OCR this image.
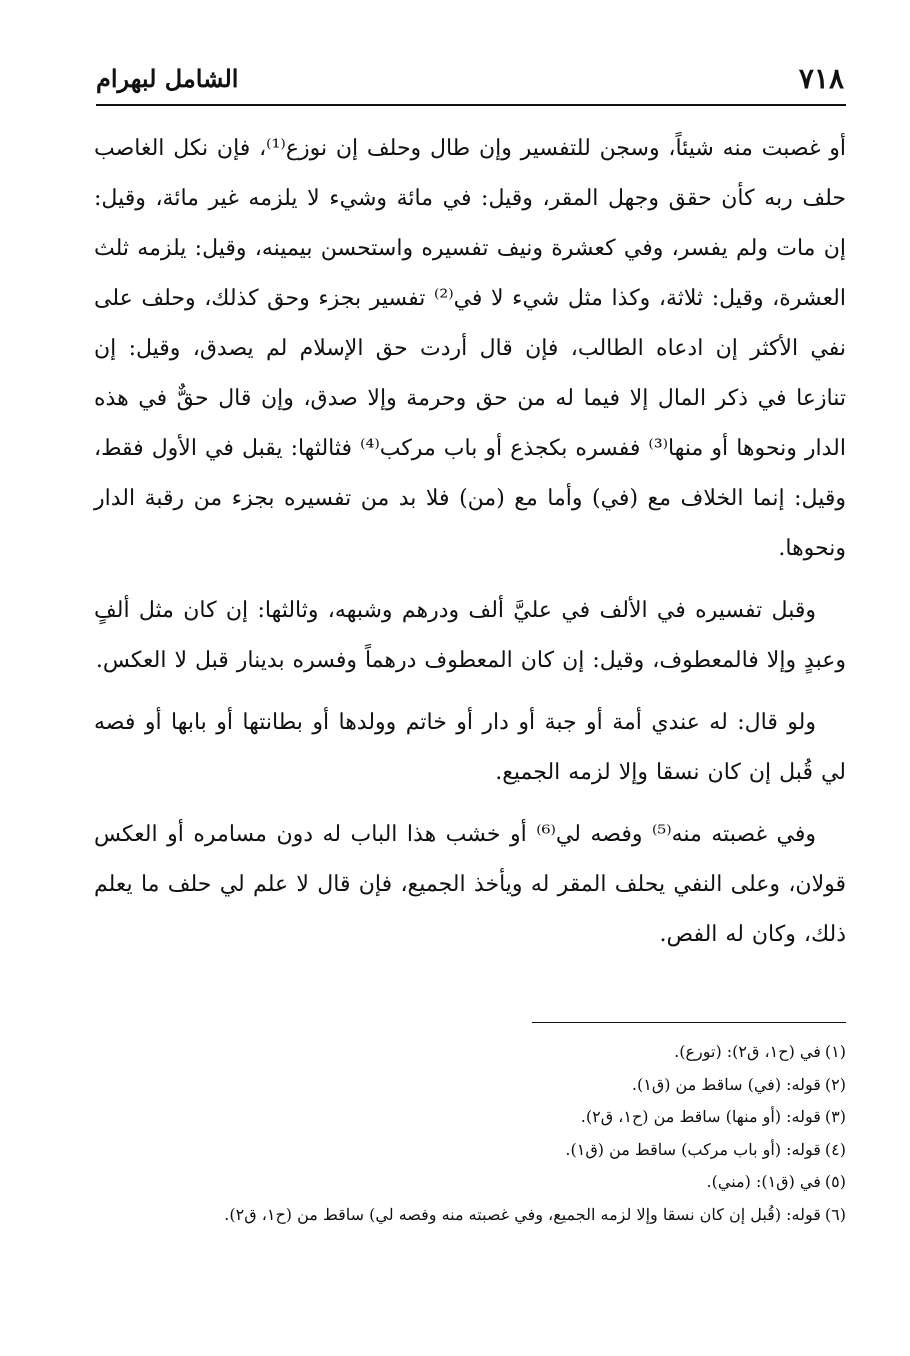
٧١٨
الشامل لبهرام

أو غصبت منه شيئاً، وسجن للتفسير وإن طال وحلف إن نوزع⁽¹⁾، فإن نكل الغاصب حلف ربه كأن حقق وجهل المقر، وقيل: في مائة وشيء لا يلزمه غير مائة، وقيل: إن مات ولم يفسر، وفي كعشرة ونيف تفسيره واستحسن بيمينه، وقيل: يلزمه ثلث العشرة، وقيل: ثلاثة، وكذا مثل شيء لا في⁽²⁾ تفسير بجزء وحق كذلك، وحلف على نفي الأكثر إن ادعاه الطالب، فإن قال أردت حق الإسلام لم يصدق، وقيل: إن تنازعا في ذكر المال إلا فيما له من حق وحرمة وإلا صدق، وإن قال حقٌّ في هذه الدار ونحوها أو منها⁽³⁾ ففسره بكجذع أو باب مركب⁽⁴⁾ فثالثها: يقبل في الأول فقط، وقيل: إنما الخلاف مع (في) وأما مع (من) فلا بد من تفسيره بجزء من رقبة الدار ونحوها.

وقبل تفسيره في الألف في عليَّ ألف ودرهم وشبهه، وثالثها: إن كان مثل ألفٍ وعبدٍ وإلا فالمعطوف، وقيل: إن كان المعطوف درهماً وفسره بدينار قبل لا العكس.

ولو قال: له عندي أمة أو جبة أو دار أو خاتم وولدها أو بطانتها أو بابها أو فصه لي قُبل إن كان نسقا وإلا لزمه الجميع.

وفي غصبته منه⁽⁵⁾ وفصه لي⁽⁶⁾ أو خشب هذا الباب له دون مسامره أو العكس قولان، وعلى النفي يحلف المقر له ويأخذ الجميع، فإن قال لا علم لي حلف ما يعلم ذلك، وكان له الفص.

(١)في (ح١، ق٢): (تورع).

(٢)قوله: (في) ساقط من (ق١).

(٣)قوله: (أو منها) ساقط من (ح١، ق٢).

(٤)قوله: (أو باب مركب) ساقط من (ق١).

(٥)في (ق١): (مني).

(٦)قوله: (قُبل إن كان نسقا وإلا لزمه الجميع، وفي غصبته منه وفصه لي) ساقط من (ح١، ق٢).
